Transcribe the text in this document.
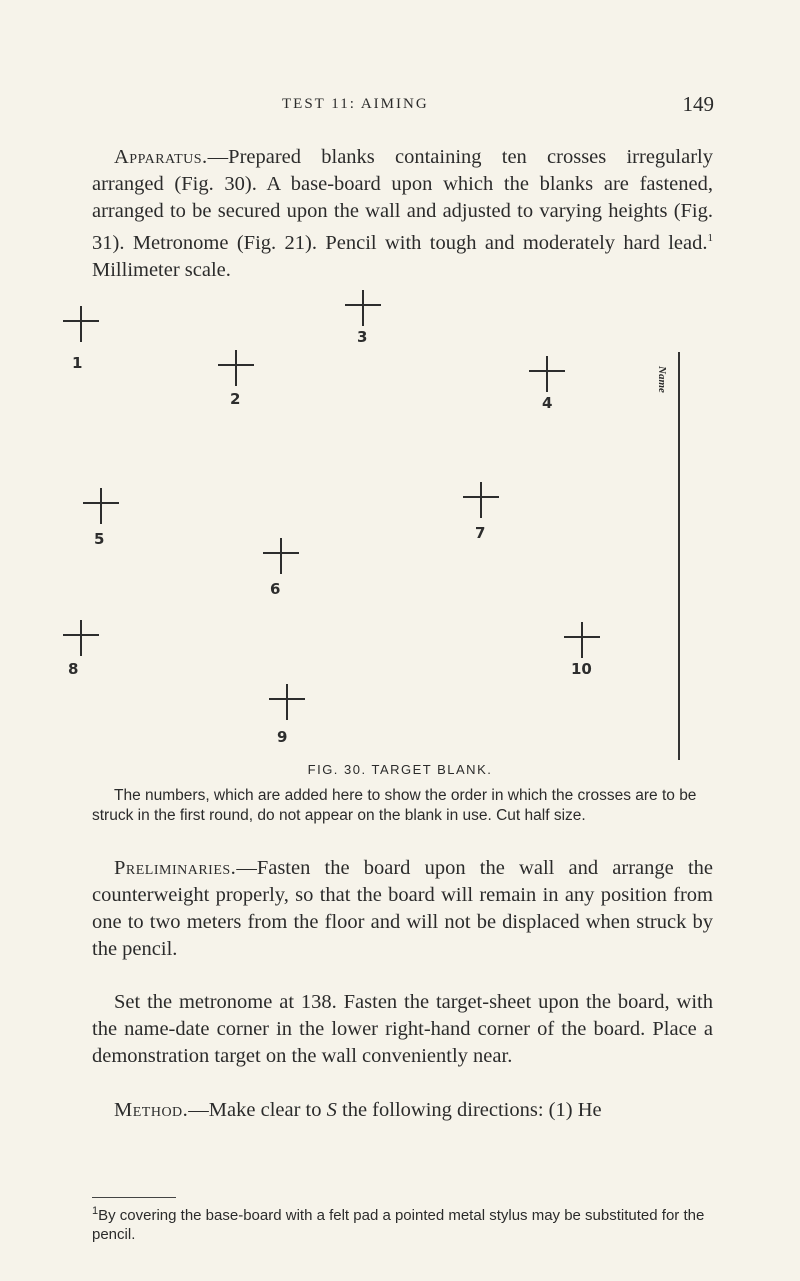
TEST 11: AIMING	149

Apparatus.—Prepared blanks containing ten crosses irregularly arranged (Fig. 30). A base-board upon which the blanks are fastened, arranged to be secured upon the wall and adjusted to varying heights (Fig. 31). Metronome (Fig. 21). Pencil with tough and moderately hard lead.$^1$ Millimeter scale.

1
2
3
4
5
6
7
8	10
9
Name
FIG. 30. TARGET BLANK.

The numbers, which are added here to show the order in which the crosses are to be struck in the first round, do not appear on the blank in use. Cut half size.

Preliminaries.—Fasten the board upon the wall and arrange the counterweight properly, so that the board will remain in any position from one to two meters from the floor and will not be displaced when struck by the pencil.

Set the metronome at 138. Fasten the target-sheet upon the board, with the name-date corner in the lower right-hand corner of the board. Place a demonstration target on the wall conveniently near.

Method.—Make clear to S the following directions: (1) He

$^1$By covering the base-board with a felt pad a pointed metal stylus may be substituted for the pencil.
